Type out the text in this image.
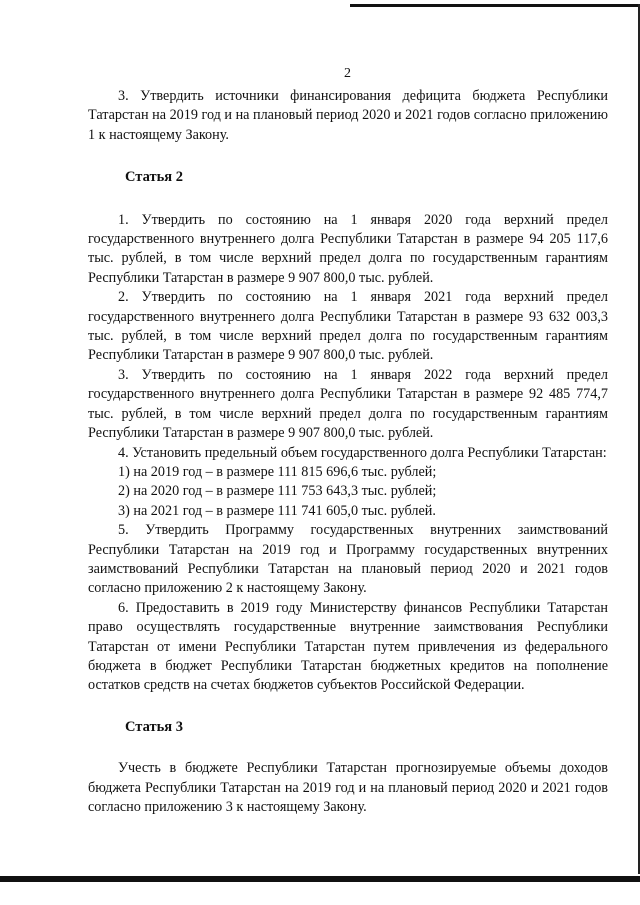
2

3. Утвердить источники финансирования дефицита бюджета Республики Татарстан на 2019 год и на плановый период 2020 и 2021 годов согласно приложению 1 к настоящему Закону.

Статья 2

1. Утвердить по состоянию на 1 января 2020 года верхний предел государственного внутреннего долга Республики Татарстан в размере 94 205 117,6 тыс. рублей, в том числе верхний предел долга по государственным гарантиям Республики Татарстан в размере 9 907 800,0 тыс. рублей.

2. Утвердить по состоянию на 1 января 2021 года верхний предел государственного внутреннего долга Республики Татарстан в размере 93 632 003,3 тыс. рублей, в том числе верхний предел долга по государственным гарантиям Республики Татарстан в размере 9 907 800,0 тыс. рублей.

3. Утвердить по состоянию на 1 января 2022 года верхний предел государственного внутреннего долга Республики Татарстан в размере 92 485 774,7 тыс. рублей, в том числе верхний предел долга по государственным гарантиям Республики Татарстан в размере 9 907 800,0 тыс. рублей.

4. Установить предельный объем государственного долга Республики Татарстан:

1) на 2019 год – в размере 111 815 696,6 тыс. рублей;

2) на 2020 год – в размере 111 753 643,3 тыс. рублей;

3) на 2021 год – в размере 111 741 605,0 тыс. рублей.

5. Утвердить Программу государственных внутренних заимствований Республики Татарстан на 2019 год и Программу государственных внутренних заимствований Республики Татарстан на плановый период 2020 и 2021 годов согласно приложению 2 к настоящему Закону.

6. Предоставить в 2019 году Министерству финансов Республики Татарстан право осуществлять государственные внутренние заимствования Республики Татарстан от имени Республики Татарстан путем привлечения из федерального бюджета в бюджет Республики Татарстан бюджетных кредитов на пополнение остатков средств на счетах бюджетов субъектов Российской Федерации.

Статья 3

Учесть в бюджете Республики Татарстан прогнозируемые объемы доходов бюджета Республики Татарстан на 2019 год и на плановый период 2020 и 2021 годов согласно приложению 3 к настоящему Закону.
